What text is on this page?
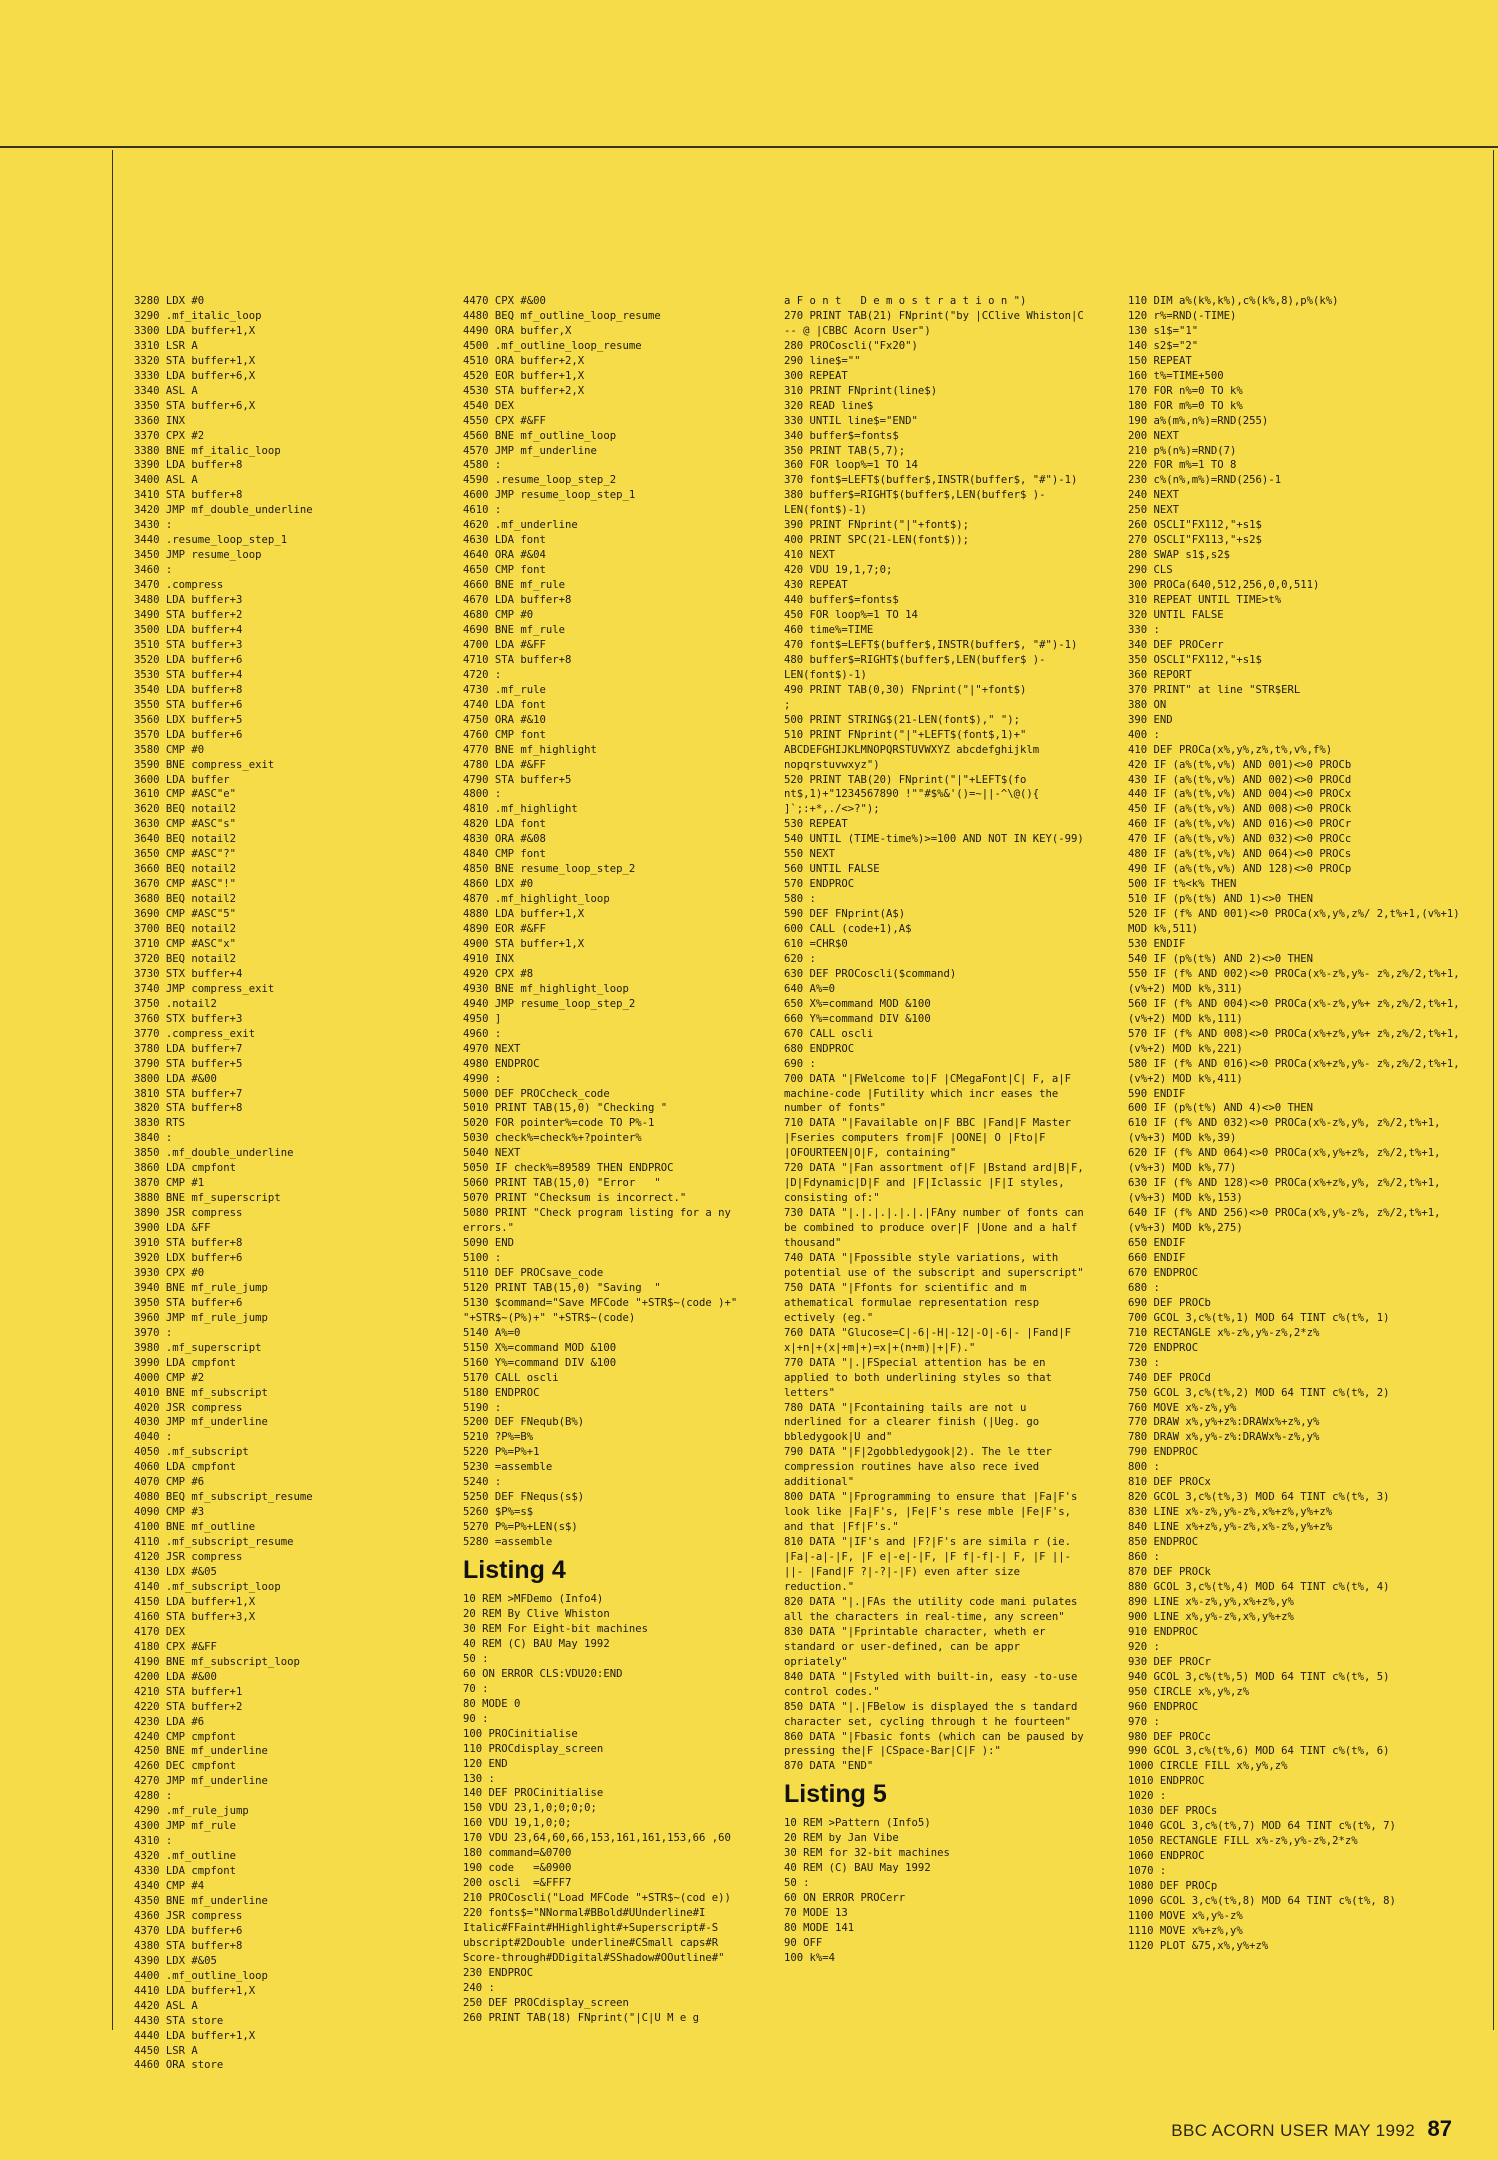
3280 LDX #0
3290 .mf_italic_loop
3300 LDA buffer+1,X
3310 LSR A
3320 STA buffer+1,X
3330 LDA buffer+6,X
3340 ASL A
3350 STA buffer+6,X
3360 INX
3370 CPX #2
3380 BNE mf_italic_loop
3390 LDA buffer+8
3400 ASL A
3410 STA buffer+8
3420 JMP mf_double_underline
3430 :
3440 .resume_loop_step_1
3450 JMP resume_loop
3460 :
3470 .compress
3480 LDA buffer+3
3490 STA buffer+2
3500 LDA buffer+4
3510 STA buffer+3
3520 LDA buffer+6
3530 STA buffer+4
3540 LDA buffer+8
3550 STA buffer+6
3560 LDX buffer+5
3570 LDA buffer+6
3580 CMP #0
3590 BNE compress_exit
3600 LDA buffer
3610 CMP #ASC"e"
3620 BEQ notail2
3630 CMP #ASC"s"
3640 BEQ notail2
3650 CMP #ASC"?"
3660 BEQ notail2
3670 CMP #ASC"!"
3680 BEQ notail2
3690 CMP #ASC"5"
3700 BEQ notail2
3710 CMP #ASC"x"
3720 BEQ notail2
3730 STX buffer+4
3740 JMP compress_exit
3750 .notail2
3760 STX buffer+3
3770 .compress_exit
3780 LDA buffer+7
3790 STA buffer+5
3800 LDA #&00
3810 STA buffer+7
3820 STA buffer+8
3830 RTS
3840 :
3850 .mf_double_underline
3860 LDA cmpfont
3870 CMP #1
3880 BNE mf_superscript
3890 JSR compress
3900 LDA &FF
3910 STA buffer+8
3920 LDX buffer+6
3930 CPX #0
3940 BNE mf_rule_jump
3950 STA buffer+6
3960 JMP mf_rule_jump
3970 :
3980 .mf_superscript
3990 LDA cmpfont
4000 CMP #2
4010 BNE mf_subscript
4020 JSR compress
4030 JMP mf_underline
4040 :
4050 .mf_subscript
4060 LDA cmpfont
4070 CMP #6
4080 BEQ mf_subscript_resume
4090 CMP #3
4100 BNE mf_outline
4110 .mf_subscript_resume
4120 JSR compress
4130 LDX #&05
4140 .mf_subscript_loop
4150 LDA buffer+1,X
4160 STA buffer+3,X
4170 DEX
4180 CPX #&FF
4190 BNE mf_subscript_loop
4200 LDA #&00
4210 STA buffer+1
4220 STA buffer+2
4230 LDA #6
4240 CMP cmpfont
4250 BNE mf_underline
4260 DEC cmpfont
4270 JMP mf_underline
4280 :
4290 .mf_rule_jump
4300 JMP mf_rule
4310 :
4320 .mf_outline
4330 LDA cmpfont
4340 CMP #4
4350 BNE mf_underline
4360 JSR compress
4370 LDA buffer+6
4380 STA buffer+8
4390 LDX #&05
4400 .mf_outline_loop
4410 LDA buffer+1,X
4420 ASL A
4430 STA store
4440 LDA buffer+1,X
4450 LSR A
4460 ORA store
4470 CPX #&00
4480 BEQ mf_outline_loop_resume
4490 ORA buffer,X
4500 .mf_outline_loop_resume
4510 ORA buffer+2,X
4520 EOR buffer+1,X
4530 STA buffer+2,X
4540 DEX
4550 CPX #&FF
4560 BNE mf_outline_loop
4570 JMP mf_underline
4580 :
4590 .resume_loop_step_2
4600 JMP resume_loop_step_1
4610 :
4620 .mf_underline
4630 LDA font
4640 ORA #&04
4650 CMP font
4660 BNE mf_rule
4670 LDA buffer+8
4680 CMP #0
4690 BNE mf_rule
4700 LDA #&FF
4710 STA buffer+8
4720 :
4730 .mf_rule
4740 LDA font
4750 ORA #&10
4760 CMP font
4770 BNE mf_highlight
4780 LDA #&FF
4790 STA buffer+5
4800 :
4810 .mf_highlight
4820 LDA font
4830 ORA #&08
4840 CMP font
4850 BNE resume_loop_step_2
4860 LDX #0
4870 .mf_highlight_loop
4880 LDA buffer+1,X
4890 EOR #&FF
4900 STA buffer+1,X
4910 INX
4920 CPX #8
4930 BNE mf_highlight_loop
4940 JMP resume_loop_step_2
4950 ]
4960 :
4970 NEXT
4980 ENDPROC
4990 :
5000 DEF PROCcheck_code
5010 PRINT TAB(15,0) "Checking "
5020 FOR pointer%=code TO P%-1
5030 check%=check%+?pointer%
5040 NEXT
5050 IF check%=89589 THEN ENDPROC
5060 PRINT TAB(15,0) "Error   "
5070 PRINT "Checksum is incorrect."
5080 PRINT "Check program listing for a ny errors."
5090 END
5100 :
5110 DEF PROCsave_code
5120 PRINT TAB(15,0) "Saving  "
5130 $command="Save MFCode "+STR$~(code )+" "+STR$~(P%)+" "+STR$~(code)
5140 A%=0
5150 X%=command MOD &100
5160 Y%=command DIV &100
5170 CALL oscli
5180 ENDPROC
5190 :
5200 DEF FNequb(B%)
5210 ?P%=B%
5220 P%=P%+1
5230 =assemble
5240 :
5250 DEF FNequs(s$)
5260 $P%=s$
5270 P%=P%+LEN(s$)
5280 =assemble
Listing 4
10 REM >MFDemo (Info4)
20 REM By Clive Whiston
30 REM For Eight-bit machines
40 REM (C) BAU May 1992
50 :
60 ON ERROR CLS:VDU20:END
70 :
80 MODE 0
90 :
100 PROCinitialise
110 PROCdisplay_screen
120 END
130 :
140 DEF PROCinitialise
150 VDU 23,1,0;0;0;0;
160 VDU 19,1,0;0;
170 VDU 23,64,60,66,153,161,161,153,66 ,60
180 command=&0700
190 code   =&0900
200 oscli  =&FFF7
210 PROCoscli("Load MFCode "+STR$~(cod e))
220 fonts$="NNormal#BBold#UUnderline#I Italic#FFaint#HHighlight#+Superscript#-S ubscript#2Double underline#CSmall caps#R Score-through#DDigital#SShadow#OOutline#"
230 ENDPROC
240 :
250 DEF PROCdisplay_screen
260 PRINT TAB(18) FNprint("|C|U M e g
a F o n t   D e m o s t r a t i o n ")
270 PRINT TAB(21) FNprint("by |CClive Whiston|C -- @ |CBBC Acorn User")
280 PROCoscli("Fx20")
290 line$=""
300 REPEAT
310 PRINT FNprint(line$)
320 READ line$
330 UNTIL line$="END"
340 buffer$=fonts$
350 PRINT TAB(5,7);
360 FOR loop%=1 TO 14
370 font$=LEFT$(buffer$,INSTR(buffer$, "#")-1)
380 buffer$=RIGHT$(buffer$,LEN(buffer$ )-LEN(font$)-1)
390 PRINT FNprint("|"+font$);
400 PRINT SPC(21-LEN(font$));
410 NEXT
420 VDU 19,1,7;0;
430 REPEAT
440 buffer$=fonts$
450 FOR loop%=1 TO 14
460 time%=TIME
470 font$=LEFT$(buffer$,INSTR(buffer$, "#")-1)
480 buffer$=RIGHT$(buffer$,LEN(buffer$ )-LEN(font$)-1)
490 PRINT TAB(0,30) FNprint("|"+font$)
;
500 PRINT STRING$(21-LEN(font$)," ");
510 PRINT FNprint("|"+LEFT$(font$,1)+" ABCDEFGHIJKLMNOPQRSTUVWXYZ abcdefghijklm nopqrstuvwxyz")
520 PRINT TAB(20) FNprint("|"+LEFT$(fo nt$,1)+"1234567890 !""#$%&'()=~||-^\@(){ ]`;:+*,./<>?");
530 REPEAT
540 UNTIL (TIME-time%)>=100 AND NOT IN KEY(-99)
550 NEXT
560 UNTIL FALSE
570 ENDPROC
580 :
590 DEF FNprint(A$)
600 CALL (code+1),A$
610 =CHR$0
620 :
630 DEF PROCoscli($command)
640 A%=0
650 X%=command MOD &100
660 Y%=command DIV &100
670 CALL oscli
680 ENDPROC
690 :
700 DATA "|FWelcome to|F |CMegaFont|C| F, a|F machine-code |Futility which incr eases the number of fonts"
710 DATA "|Favailable on|F BBC |Fand|F Master |Fseries computers from|F |OONE| O |Fto|F |OFOURTEEN|O|F, containing"
720 DATA "|Fan assortment of|F |Bstand ard|B|F, |D|Fdynamic|D|F and |F|Iclassic |F|I styles, consisting of:"
730 DATA "|.|.|.|.|.|.|FAny number of fonts can be combined to produce over|F |Uone and a half thousand"
740 DATA "|Fpossible style variations, with potential use of the subscript and superscript"
750 DATA "|Ffonts for scientific and m athematical formulae representation resp ectively (eg."
760 DATA "Glucose=C|-6|-H|-12|-O|-6|- |Fand|F x|+n|+(x|+m|+)=x|+(n+m)|+|F)."
770 DATA "|.|FSpecial attention has be en applied to both underlining styles so that letters"
780 DATA "|Fcontaining tails are not u nderlined for a clearer finish (|Ueg. go bbledygook|U and"
790 DATA "|F|2gobbledygook|2). The le tter compression routines have also rece ived additional"
800 DATA "|Fprogramming to ensure that |Fa|F's look like |Fa|F's, |Fe|F's rese mble |Fe|F's, and that |Ff|F's."
810 DATA "|IF's and |F?|F's are simila r (ie. |Fa|-a|-|F, |F e|-e|-|F, |F f|-f|-| F, |F ||-||- |Fand|F ?|-?|-|F) even after size reduction."
820 DATA "|.|FAs the utility code mani pulates all the characters in real-time, any screen"
830 DATA "|Fprintable character, wheth er standard or user-defined, can be appr opriately"
840 DATA "|Fstyled with built-in, easy -to-use control codes."
850 DATA "|.|FBelow is displayed the s tandard character set, cycling through t he fourteen"
860 DATA "|Fbasic fonts (which can be paused by pressing the|F |CSpace-Bar|C|F ):"
870 DATA "END"
Listing 5
10 REM >Pattern (Info5)
20 REM by Jan Vibe
30 REM for 32-bit machines
40 REM (C) BAU May 1992
50 :
60 ON ERROR PROCerr
70 MODE 13
80 MODE 141
90 OFF
100 k%=4
110 DIM a%(k%,k%),c%(k%,8),p%(k%)
120 r%=RND(-TIME)
130 s1$="1"
140 s2$="2"
150 REPEAT
160 t%=TIME+500
170 FOR n%=0 TO k%
180 FOR m%=0 TO k%
190 a%(m%,n%)=RND(255)
200 NEXT
210 p%(n%)=RND(7)
220 FOR m%=1 TO 8
230 c%(n%,m%)=RND(256)-1
240 NEXT
250 NEXT
260 OSCLI"FX112,"+s1$
270 OSCLI"FX113,"+s2$
280 SWAP s1$,s2$
290 CLS
300 PROCa(640,512,256,0,0,511)
310 REPEAT UNTIL TIME>t%
320 UNTIL FALSE
330 :
340 DEF PROCerr
350 OSCLI"FX112,"+s1$
360 REPORT
370 PRINT" at line "STR$ERL
380 ON
390 END
400 :
410 DEF PROCa(x%,y%,z%,t%,v%,f%)
420 IF (a%(t%,v%) AND 001)<>0 PROCb
430 IF (a%(t%,v%) AND 002)<>0 PROCd
440 IF (a%(t%,v%) AND 004)<>0 PROCx
450 IF (a%(t%,v%) AND 008)<>0 PROCk
460 IF (a%(t%,v%) AND 016)<>0 PROCr
470 IF (a%(t%,v%) AND 032)<>0 PROCc
480 IF (a%(t%,v%) AND 064)<>0 PROCs
490 IF (a%(t%,v%) AND 128)<>0 PROCp
500 IF t%<k% THEN
510 IF (p%(t%) AND 1)<>0 THEN
520 IF (f% AND 001)<>0 PROCa(x%,y%,z%/ 2,t%+1,(v%+1) MOD k%,511)
530 ENDIF
540 IF (p%(t%) AND 2)<>0 THEN
550 IF (f% AND 002)<>0 PROCa(x%-z%,y%- z%,z%/2,t%+1,(v%+2) MOD k%,311)
560 IF (f% AND 004)<>0 PROCa(x%-z%,y%+ z%,z%/2,t%+1,(v%+2) MOD k%,111)
570 IF (f% AND 008)<>0 PROCa(x%+z%,y%+ z%,z%/2,t%+1,(v%+2) MOD k%,221)
580 IF (f% AND 016)<>0 PROCa(x%+z%,y%- z%,z%/2,t%+1,(v%+2) MOD k%,411)
590 ENDIF
600 IF (p%(t%) AND 4)<>0 THEN
610 IF (f% AND 032)<>0 PROCa(x%-z%,y%, z%/2,t%+1,(v%+3) MOD k%,39)
620 IF (f% AND 064)<>0 PROCa(x%,y%+z%, z%/2,t%+1,(v%+3) MOD k%,77)
630 IF (f% AND 128)<>0 PROCa(x%+z%,y%, z%/2,t%+1,(v%+3) MOD k%,153)
640 IF (f% AND 256)<>0 PROCa(x%,y%-z%, z%/2,t%+1,(v%+3) MOD k%,275)
650 ENDIF
660 ENDIF
670 ENDPROC
680 :
690 DEF PROCb
700 GCOL 3,c%(t%,1) MOD 64 TINT c%(t%, 1)
710 RECTANGLE x%-z%,y%-z%,2*z%
720 ENDPROC
730 :
740 DEF PROCd
750 GCOL 3,c%(t%,2) MOD 64 TINT c%(t%, 2)
760 MOVE x%-z%,y%
770 DRAW x%,y%+z%:DRAWx%+z%,y%
780 DRAW x%,y%-z%:DRAWx%-z%,y%
790 ENDPROC
800 :
810 DEF PROCx
820 GCOL 3,c%(t%,3) MOD 64 TINT c%(t%, 3)
830 LINE x%-z%,y%-z%,x%+z%,y%+z%
840 LINE x%+z%,y%-z%,x%-z%,y%+z%
850 ENDPROC
860 :
870 DEF PROCk
880 GCOL 3,c%(t%,4) MOD 64 TINT c%(t%, 4)
890 LINE x%-z%,y%,x%+z%,y%
900 LINE x%,y%-z%,x%,y%+z%
910 ENDPROC
920 :
930 DEF PROCr
940 GCOL 3,c%(t%,5) MOD 64 TINT c%(t%, 5)
950 CIRCLE x%,y%,z%
960 ENDPROC
970 :
980 DEF PROCc
990 GCOL 3,c%(t%,6) MOD 64 TINT c%(t%, 6)
1000 CIRCLE FILL x%,y%,z%
1010 ENDPROC
1020 :
1030 DEF PROCs
1040 GCOL 3,c%(t%,7) MOD 64 TINT c%(t%, 7)
1050 RECTANGLE FILL x%-z%,y%-z%,2*z%
1060 ENDPROC
1070 :
1080 DEF PROCp
1090 GCOL 3,c%(t%,8) MOD 64 TINT c%(t%, 8)
1100 MOVE x%,y%-z%
1110 MOVE x%+z%,y%
1120 PLOT &75,x%,y%+z%
BBC ACORN USER MAY 1992 87
